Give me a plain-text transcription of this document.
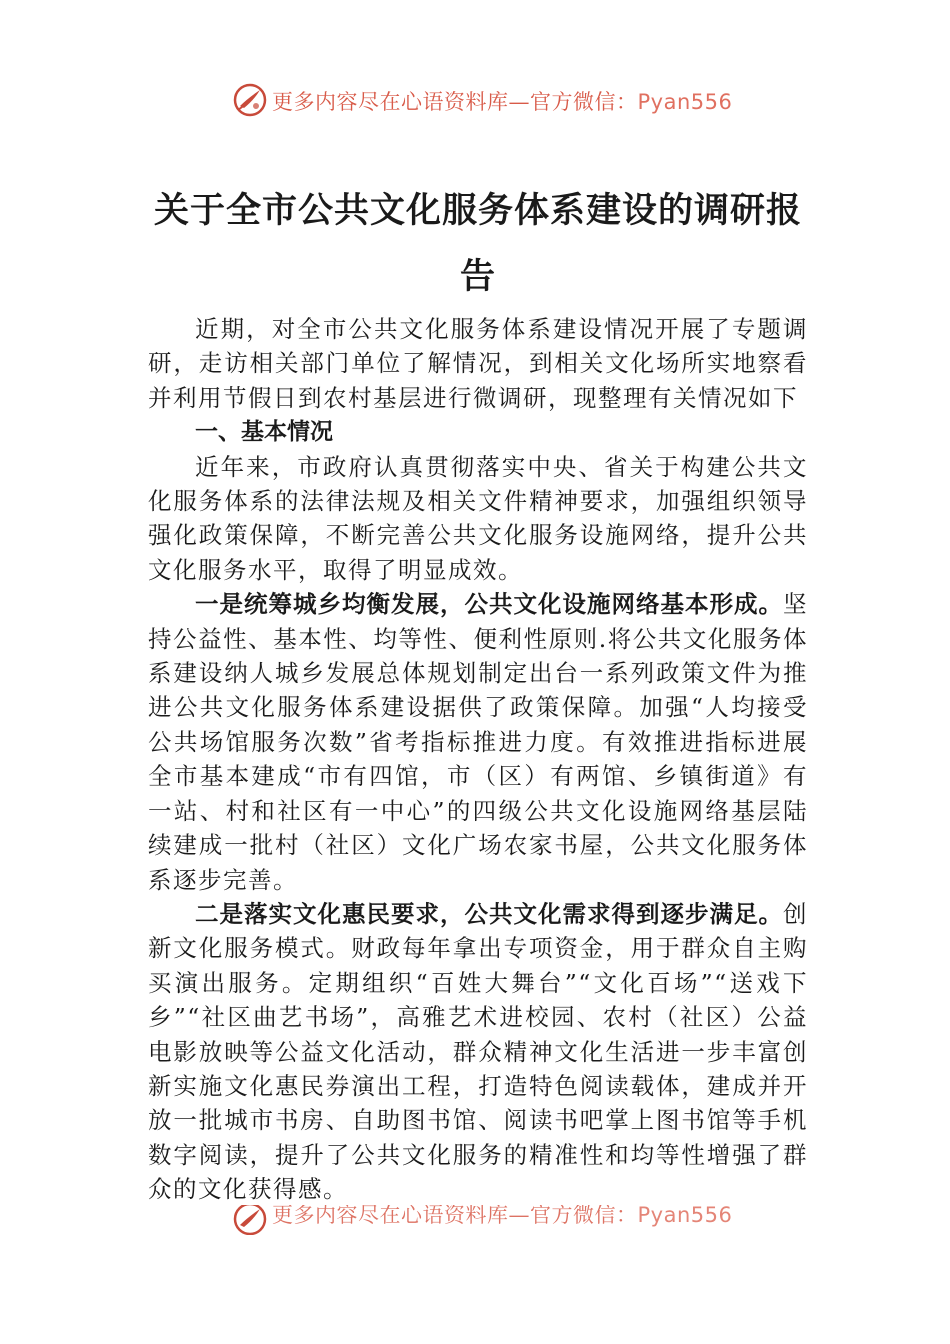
更多内容尽在心语资料库—官方微信：Pyan556
关于全市公共文化服务体系建设的调研报告

近期，对全市公共文化服务体系建设情况开展了专题调研，走访相关部门单位了解情况，到相关文化场所实地察看并利用节假日到农村基层进行微调研，现整理有关情况如下

一、基本情况

近年来，市政府认真贯彻落实中央、省关于构建公共文化服务体系的法律法规及相关文件精神要求，加强组织领导强化政策保障，不断完善公共文化服务设施网络，提升公共文化服务水平，取得了明显成效。

一是统筹城乡均衡发展，公共文化设施网络基本形成。坚持公益性、基本性、均等性、便利性原则.将公共文化服务体系建设纳人城乡发展总体规划制定出台一系列政策文件为推进公共文化服务体系建设据供了政策保障。加强“人均接受公共场馆服务次数”省考指标推进力度。有效推进指标进展全市基本建成“市有四馆，市（区）有两馆、乡镇街道》有一站、村和社区有一中心”的四级公共文化设施网络基层陆续建成一批村（社区）文化广场农家书屋，公共文化服务体系逐步完善。

二是落实文化惠民要求，公共文化需求得到逐步满足。创新文化服务模式。财政每年拿出专项资金，用于群众自主购买演出服务。定期组织“百姓大舞台”“文化百场”“送戏下乡”“社区曲艺书场”，高雅艺术进校园、农村（社区）公益电影放映等公益文化活动，群众精神文化生活进一步丰富创新实施文化惠民券演出工程，打造特色阅读载体，建成并开放一批城市书房、自助图书馆、阅读书吧掌上图书馆等手机数字阅读，提升了公共文化服务的精准性和均等性增强了群众的文化获得感。

更多内容尽在心语资料库—官方微信：Pyan556
